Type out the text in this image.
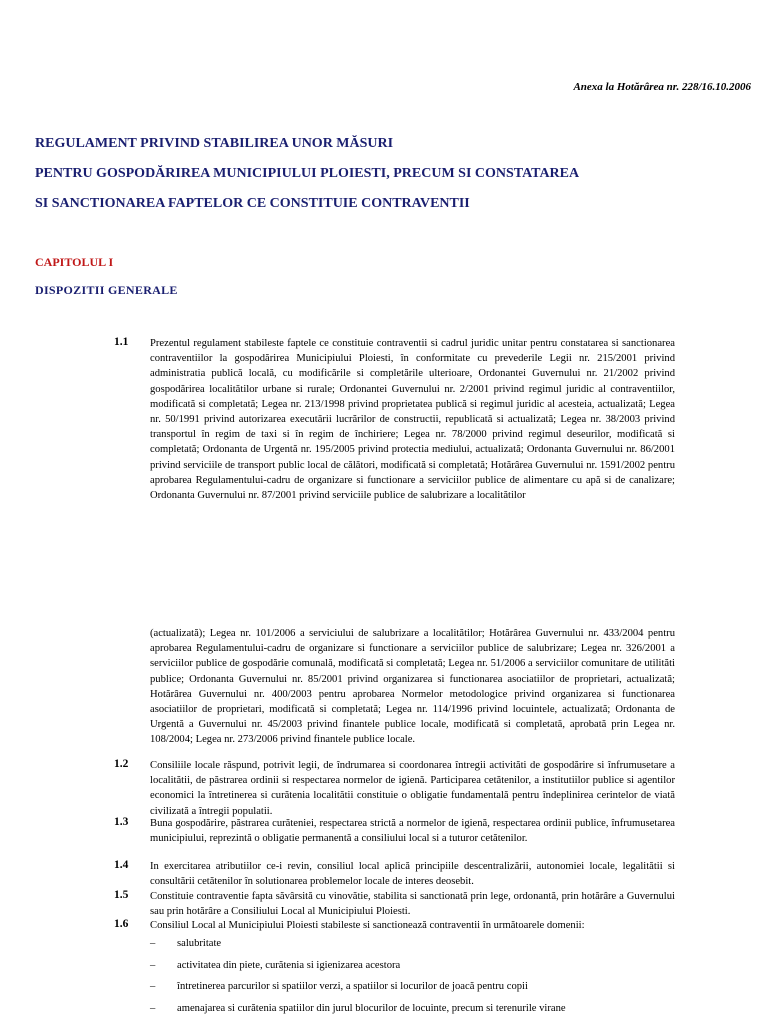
Anexa la Hotărârea nr. 228/16.10.2006
REGULAMENT PRIVIND STABILIREA UNOR MĂSURI
PENTRU GOSPODĂRIREA MUNICIPIULUI PLOIESTI, PRECUM SI CONSTATAREA
SI SANCTIONAREA FAPTELOR CE CONSTITUIE CONTRAVENTII
CAPITOLUL I
DISPOZITII GENERALE
1.1 Prezentul regulament stabileste faptele ce constituie contraventii si cadrul juridic unitar pentru constatarea si sanctionarea contraventiilor la gospodărirea Municipiului Ploiesti, în conformitate cu prevederile Legii nr. 215/2001 privind administratia publică locală, cu modificările si completările ulterioare, Ordonantei Guvernului nr. 21/2002 privind gospodărirea localitătilor urbane si rurale; Ordonantei Guvernului nr. 2/2001 privind regimul juridic al contraventiilor, modificată si completată; Legea nr. 213/1998 privind proprietatea publică si regimul juridic al acesteia, actualizată; Legea nr. 50/1991 privind autorizarea executării lucrărilor de constructii, republicată si actualizată; Legea nr. 38/2003 privind transportul în regim de taxi si în regim de închiriere; Legea nr. 78/2000 privind regimul deseurilor, modificată si completată; Ordonanta de Urgentă nr. 195/2005 privind protectia mediului, actualizată; Ordonanta Guvernului nr. 86/2001 privind serviciile de transport public local de călători, modificată si completată; Hotărârea Guvernului nr. 1591/2002 pentru aprobarea Regulamentului-cadru de organizare si functionare a serviciilor publice de alimentare cu apă si de canalizare; Ordonanta Guvernului nr. 87/2001 privind serviciile publice de salubrizare a localitătilor
(actualizată); Legea nr. 101/2006 a serviciului de salubrizare a localitătilor; Hotărârea Guvernului nr. 433/2004 pentru aprobarea Regulamentului-cadru de organizare si functionare a serviciilor publice de salubrizare; Legea nr. 326/2001 a serviciilor publice de gospodărie comunală, modificată si completată; Legea nr. 51/2006 a serviciilor comunitare de utilităti publice; Ordonanta Guvernului nr. 85/2001 privind organizarea si functionarea asociatiilor de proprietari, actualizată; Hotărârea Guvernului nr. 400/2003 pentru aprobarea Normelor metodologice privind organizarea si functionarea asociatiilor de proprietari, modificată si completată; Legea nr. 114/1996 privind locuintele, actualizată; Ordonanta de Urgentă a Guvernului nr. 45/2003 privind finantele publice locale, modificată si completată, aprobată prin Legea nr. 108/2004; Legea nr. 273/2006 privind finantele publice locale.
1.2 Consiliile locale răspund, potrivit legii, de îndrumarea si coordonarea întregii activităti de gospodărire si înfrumusetare a localitătii, de păstrarea ordinii si respectarea normelor de igienă. Participarea cetătenilor, a institutiilor publice si agentilor economici la întretinerea si curătenia localitătii constituie o obligatie fundamentală pentru îndeplinirea cerintelor de viată civilizată a întregii populatii.
1.3 Buna gospodărire, păstrarea curăteniei, respectarea strictă a normelor de igienă, respectarea ordinii publice, înfrumusetarea municipiului, reprezintă o obligatie permanentă a consiliului local si a tuturor cetătenilor.
1.4 In exercitarea atributiilor ce-i revin, consiliul local aplică principiile descentralizării, autonomiei locale, legalitătii si consultării cetătenilor în solutionarea problemelor locale de interes deosebit.
1.5 Constituie contraventie fapta săvârsită cu vinovătie, stabilita si sanctionată prin lege, ordonantă, prin hotărâre a Guvernului sau prin hotărâre a Consiliului Local al Municipiului Ploiesti.
1.6 Consiliul Local al Municipiului Ploiesti stabileste si sanctionează contraventii în următoarele domenii:
– salubritate
– activitatea din piete, curătenia si igienizarea acestora
– întretinerea parcurilor si spatiilor verzi, a spatiilor si locurilor de joacă pentru copii
– amenajarea si curătenia spatiilor din jurul blocurilor de locuinte, precum si terenurile virane
